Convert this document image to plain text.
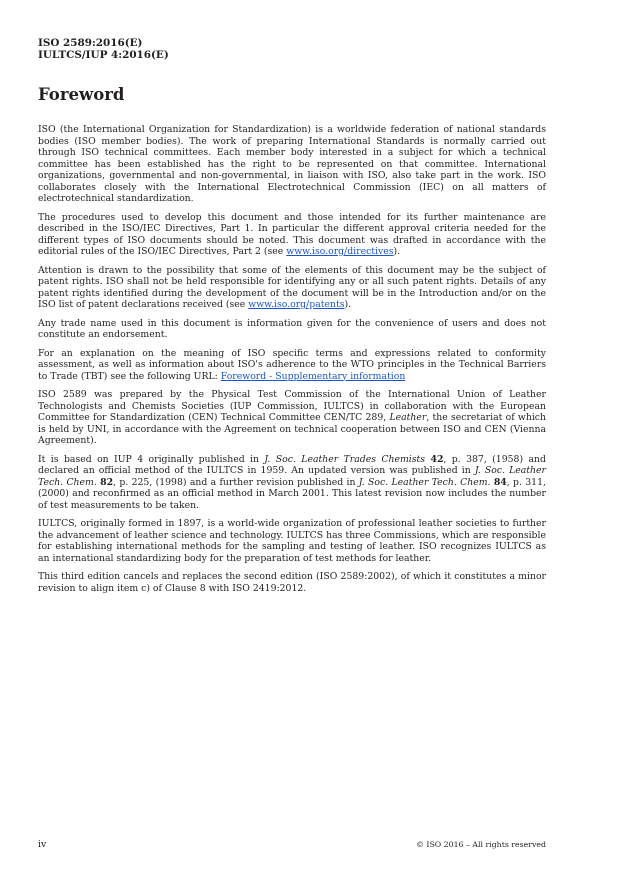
ISO 2589:2016(E)
IULTCS/IUP 4:2016(E)
Foreword

ISO (the International Organization for Standardization) is a worldwide federation of national standards bodies (ISO member bodies). The work of preparing International Standards is normally carried out through ISO technical committees. Each member body interested in a subject for which a technical committee has been established has the right to be represented on that committee. International organizations, governmental and non-governmental, in liaison with ISO, also take part in the work. ISO collaborates closely with the International Electrotechnical Commission (IEC) on all matters of electrotechnical standardization.

The procedures used to develop this document and those intended for its further maintenance are described in the ISO/IEC Directives, Part 1. In particular the different approval criteria needed for the different types of ISO documents should be noted. This document was drafted in accordance with the editorial rules of the ISO/IEC Directives, Part 2 (see www.iso.org/directives).

Attention is drawn to the possibility that some of the elements of this document may be the subject of patent rights. ISO shall not be held responsible for identifying any or all such patent rights. Details of any patent rights identified during the development of the document will be in the Introduction and/or on the ISO list of patent declarations received (see www.iso.org/patents).

Any trade name used in this document is information given for the convenience of users and does not constitute an endorsement.

For an explanation on the meaning of ISO specific terms and expressions related to conformity assessment, as well as information about ISO's adherence to the WTO principles in the Technical Barriers to Trade (TBT) see the following URL: Foreword - Supplementary information

ISO 2589 was prepared by the Physical Test Commission of the International Union of Leather Technologists and Chemists Societies (IUP Commission, IULTCS) in collaboration with the European Committee for Standardization (CEN) Technical Committee CEN/TC 289, Leather, the secretariat of which is held by UNI, in accordance with the Agreement on technical cooperation between ISO and CEN (Vienna Agreement).

It is based on IUP 4 originally published in J. Soc. Leather Trades Chemists 42, p. 387, (1958) and declared an official method of the IULTCS in 1959. An updated version was published in J. Soc. Leather Tech. Chem. 82, p. 225, (1998) and a further revision published in J. Soc. Leather Tech. Chem. 84, p. 311, (2000) and reconfirmed as an official method in March 2001. This latest revision now includes the number of test measurements to be taken.

IULTCS, originally formed in 1897, is a world-wide organization of professional leather societies to further the advancement of leather science and technology. IULTCS has three Commissions, which are responsible for establishing international methods for the sampling and testing of leather. ISO recognizes IULTCS as an international standardizing body for the preparation of test methods for leather.

This third edition cancels and replaces the second edition (ISO 2589:2002), of which it constitutes a minor revision to align item c) of Clause 8 with ISO 2419:2012.

iv	© ISO 2016 – All rights reserved
